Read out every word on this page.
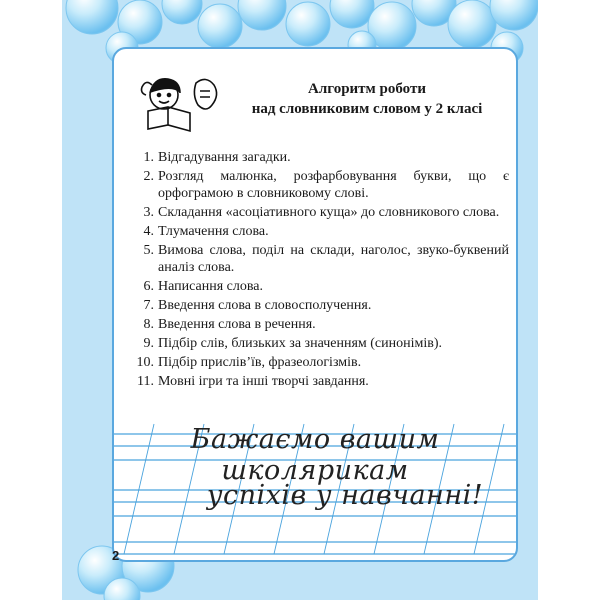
Алгоритм роботи
над словниковим словом у 2 класі
1 . Відгадування загадки.
2 . Розгляд малюнка, розфарбовування букви, що є орфограмою в словниковому слові.
3 . Складання «асоціативного куща» до словникового слова.
4 . Тлумачення слова.
5 . Вимова слова, поділ на склади, наголос, звуко-буквений аналіз слова.
6 . Написання слова.
7 . Введення слова в словосполучення.
8 . Введення слова в речення.
9 . Підбір слів, близьких за значенням (синонімів).
10 . Підбір прислів’їв, фразеологізмів.
11 . Мовні ігри та інші творчі завдання.
Бажаємо вашим школярикам
успіхів у навчанні!
2
